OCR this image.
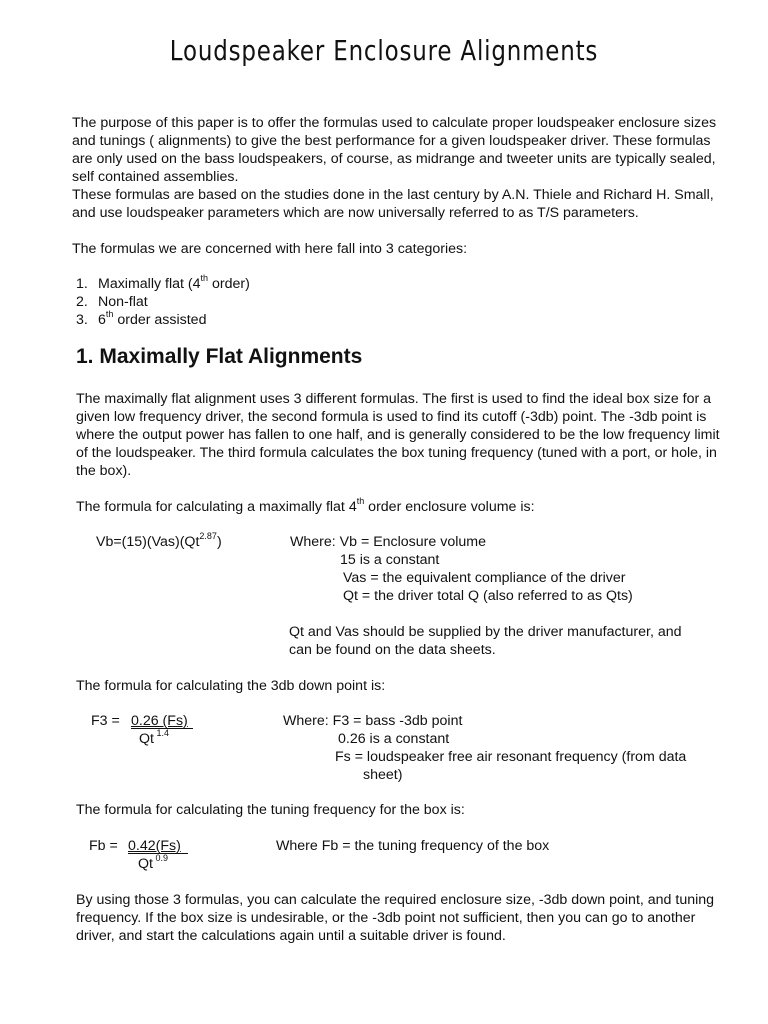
Loudspeaker Enclosure Alignments

The purpose of this paper is to offer the formulas used to calculate proper loudspeaker enclosure sizes and tunings ( alignments) to give the best performance for a given loudspeaker driver. These formulas are only used on the bass loudspeakers, of course, as midrange and tweeter units are typically sealed, self contained assemblies.

These formulas are based on the studies done in the last century by A.N. Thiele and Richard H. Small, and use loudspeaker parameters which are now universally referred to as T/S parameters.

The formulas we are concerned with here fall into 3 categories:

1. Maximally flat (4th order)
2. Non-flat
3. 6th order assisted
1. Maximally Flat Alignments

The maximally flat alignment uses 3 different formulas. The first is used to find the ideal box size for a given low frequency driver, the second formula is used to find its cutoff (-3db) point. The -3db point is where the output power has fallen to one half, and is generally considered to be the low frequency limit of the loudspeaker. The third formula calculates the box tuning frequency (tuned with a port, or hole, in the box).

The formula for calculating a maximally flat 4th order enclosure volume is:
$Vb=(15)(Vas)(Qt^{2.87})$	Where: Vb = Enclosure volume
15 is a constant
Vas = the equivalent compliance of the driver
Qt = the driver total Q (also referred to as Qts)
Qt and Vas should be supplied by the driver manufacturer, and
can be found on the data sheets.
The formula for calculating the 3db down point is:
F3 = 0.26 (Fs)
Qt $^{1.4}$
Where: F3 = bass -3db point
0.26 is a constant
Fs = loudspeaker free air resonant frequency (from data
sheet)
The formula for calculating the tuning frequency for the box is:
Fb = 0.42(Fs)
Qt $^{0.9}$
Where Fb = the tuning frequency of the box

By using those 3 formulas, you can calculate the required enclosure size, -3db down point, and tuning frequency. If the box size is undesirable, or the -3db point not sufficient, then you can go to another driver, and start the calculations again until a suitable driver is found.
